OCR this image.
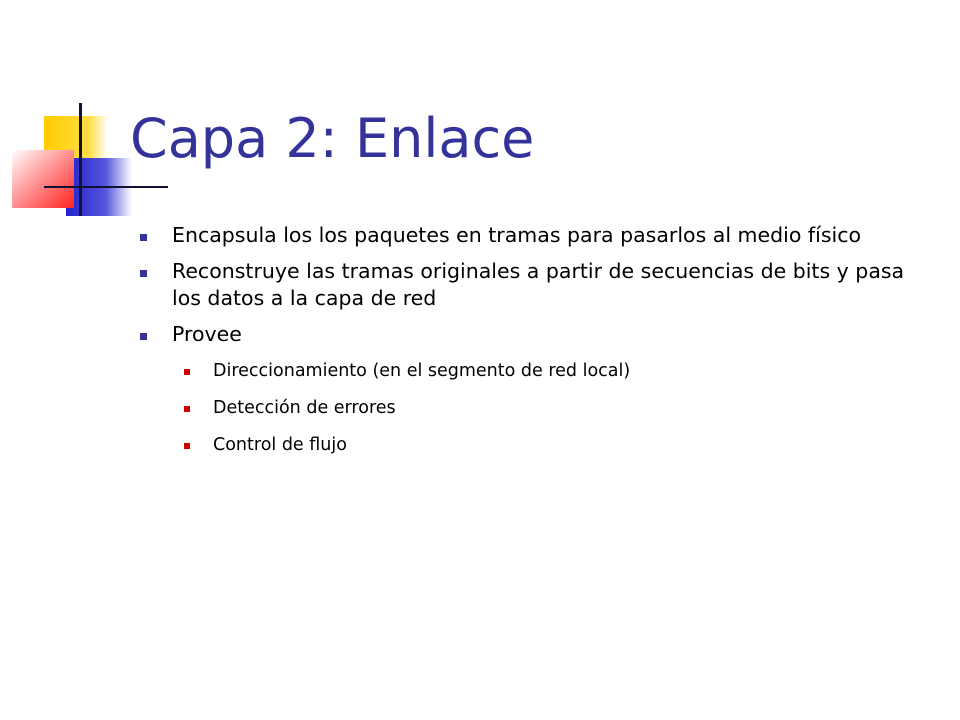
Capa 2: Enlace
Encapsula los los paquetes en tramas para pasarlos al medio físico
Reconstruye las tramas originales a partir de secuencias de bits y pasa los datos a la capa de red
Provee
Direccionamiento (en el segmento de red local)
Detección de errores
Control de flujo
